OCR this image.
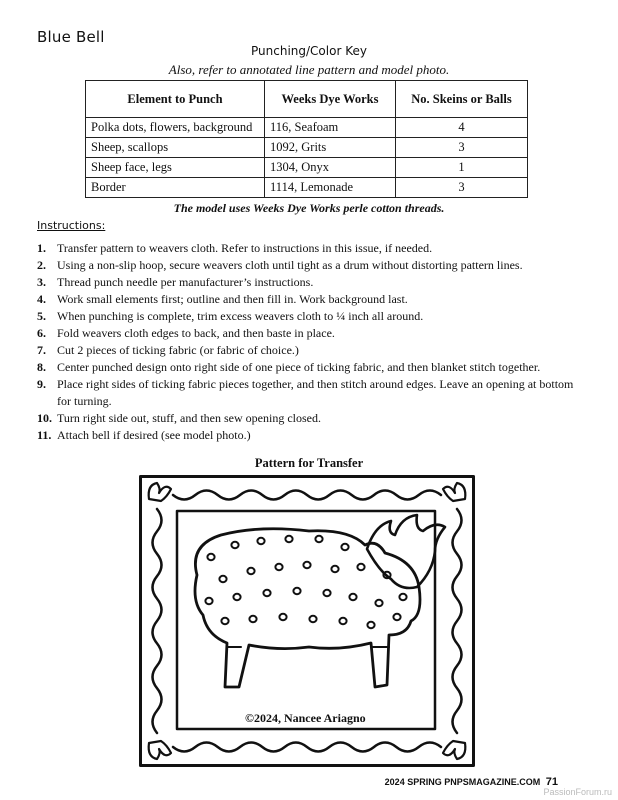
Blue Bell
Punching/Color Key
Also, refer to annotated line pattern and model photo.
Element to Punch	Weeks Dye Works	No. Skeins or Balls
Polka dots, flowers, background	116, Seafoam	4
Sheep, scallops	1092, Grits	3
Sheep face, legs	1304, Onyx	1
Border	1114, Lemonade	3
The model uses Weeks Dye Works perle cotton threads.
Instructions:
1. Transfer pattern to weavers cloth. Refer to instructions in this issue, if needed.
2. Using a non-slip hoop, secure weavers cloth until tight as a drum without distorting pattern lines.
3. Thread punch needle per manufacturer’s instructions.
4. Work small elements first; outline and then fill in. Work background last.
5. When punching is complete, trim excess weavers cloth to ¼ inch all around.
6. Fold weavers cloth edges to back, and then baste in place.
7. Cut 2 pieces of ticking fabric (or fabric of choice.)
8. Center punched design onto right side of one piece of ticking fabric, and then blanket stitch together.
9. Place right sides of ticking fabric pieces together, and then stitch around edges. Leave an opening at bottom for turning.
10. Turn right side out, stuff, and then sew opening closed.
11. Attach bell if desired (see model photo.)
Pattern for Transfer
©2024, Nancee Ariagno
2024 SPRING PNPSMAGAZINE.COM 71
PassionForum.ru
